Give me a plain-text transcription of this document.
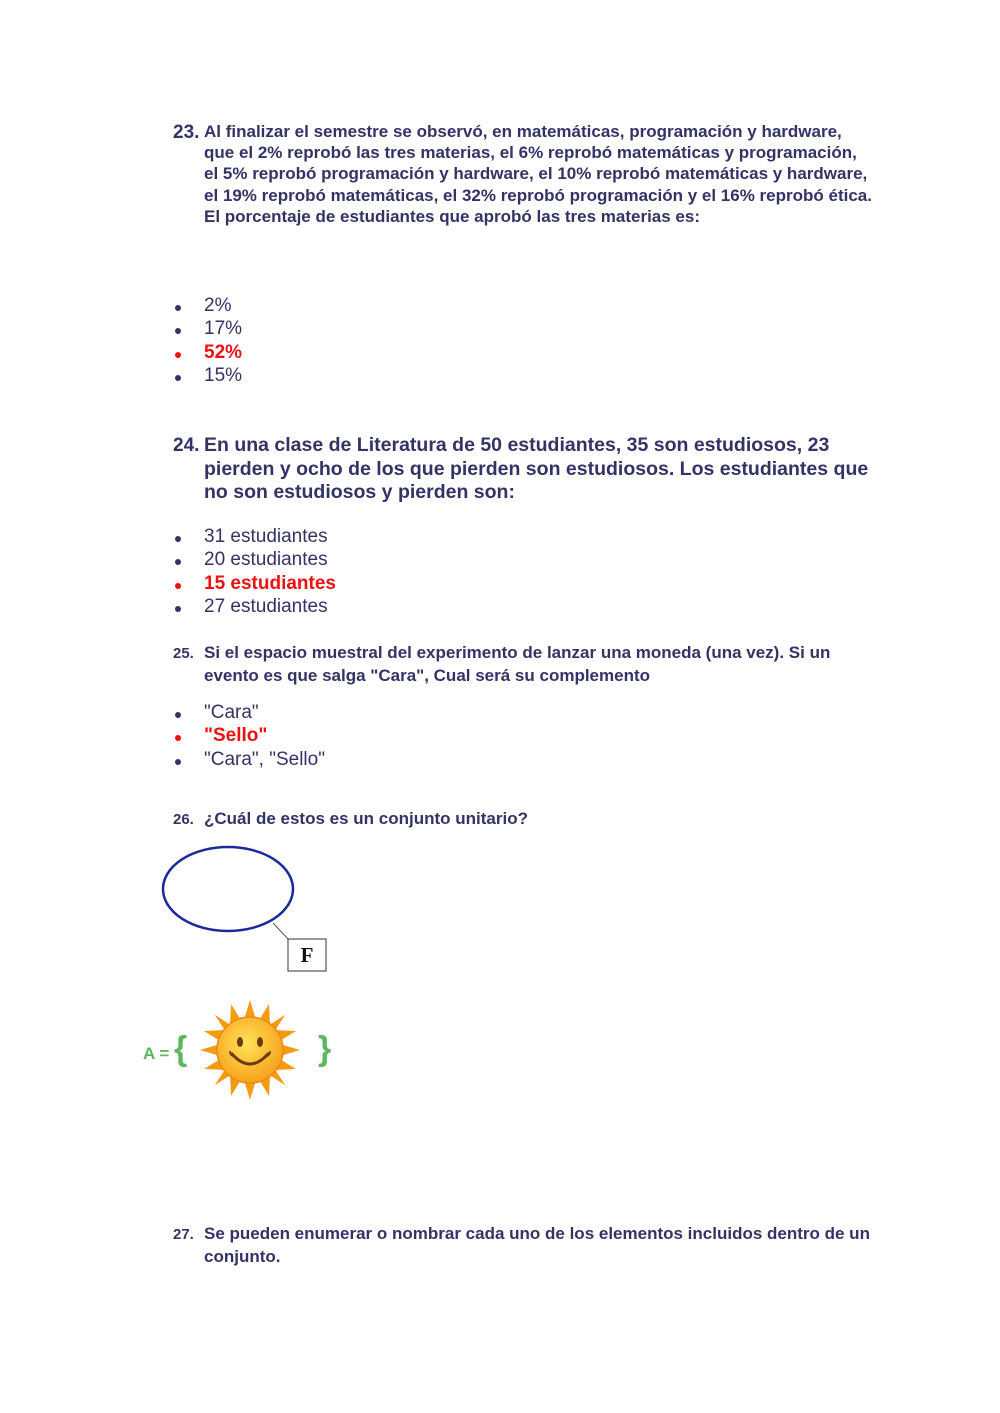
23. Al finalizar el semestre se observó, en matemáticas, programación y hardware, que el 2% reprobó las tres materias, el 6% reprobó matemáticas y programación, el 5% reprobó programación y hardware, el 10% reprobó matemáticas y hardware, el 19% reprobó matemáticas, el 32% reprobó programación y el 16% reprobó ética. El porcentaje de estudiantes que aprobó las tres materias es:
2%
17%
52%
15%
24. En una clase de Literatura de 50 estudiantes, 35 son estudiosos, 23 pierden y ocho de los que pierden son estudiosos. Los estudiantes que no son estudiosos y pierden son:
31 estudiantes
20 estudiantes
15 estudiantes
27 estudiantes
25. Si el espacio muestral del experimento de lanzar una moneda (una vez). Si un evento es que salga "Cara", Cual será su complemento
"Cara"
"Sello"
"Cara", "Sello"
26. ¿Cuál de estos es un conjunto unitario?
F
A = {	}
27. Se pueden enumerar o nombrar cada uno de los elementos incluidos dentro de un conjunto.
